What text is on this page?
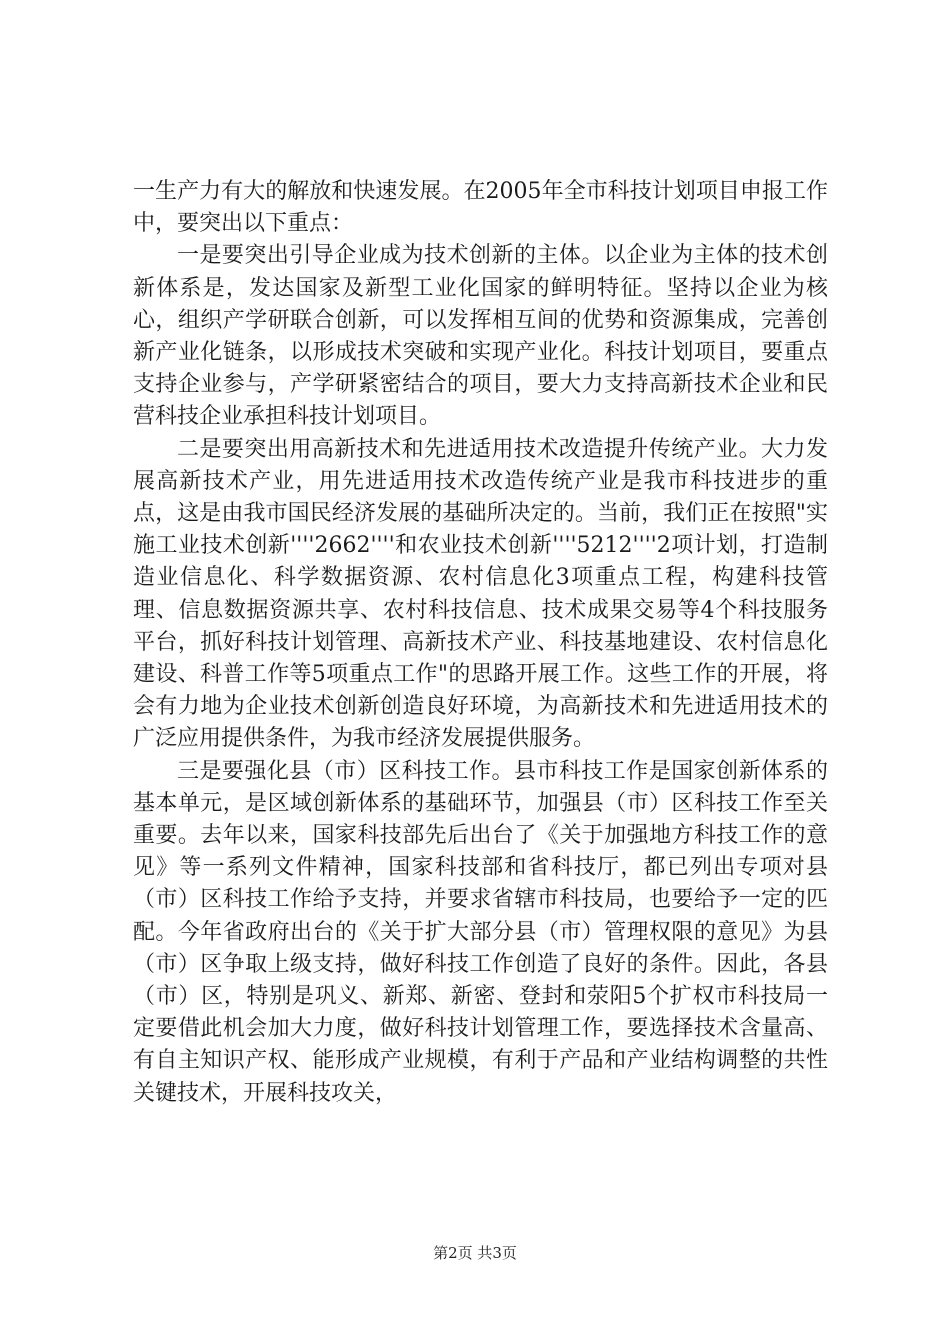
一生产力有大的解放和快速发展。在2005年全市科技计划项目申报工作中，要突出以下重点：

一是要突出引导企业成为技术创新的主体。以企业为主体的技术创新体系是，发达国家及新型工业化国家的鲜明特征。坚持以企业为核心，组织产学研联合创新，可以发挥相互间的优势和资源集成，完善创新产业化链条，以形成技术突破和实现产业化。科技计划项目，要重点支持企业参与，产学研紧密结合的项目，要大力支持高新技术企业和民营科技企业承担科技计划项目。

二是要突出用高新技术和先进适用技术改造提升传统产业。大力发展高新技术产业，用先进适用技术改造传统产业是我市科技进步的重点，这是由我市国民经济发展的基础所决定的。当前，我们正在按照"实施工业技术创新''''2662''''和农业技术创新''''5212''''2项计划，打造制造业信息化、科学数据资源、农村信息化3项重点工程，构建科技管理、信息数据资源共享、农村科技信息、技术成果交易等4个科技服务平台，抓好科技计划管理、高新技术产业、科技基地建设、农村信息化建设、科普工作等5项重点工作"的思路开展工作。这些工作的开展，将会有力地为企业技术创新创造良好环境，为高新技术和先进适用技术的广泛应用提供条件，为我市经济发展提供服务。

三是要强化县（市）区科技工作。县市科技工作是国家创新体系的基本单元，是区域创新体系的基础环节，加强县（市）区科技工作至关重要。去年以来，国家科技部先后出台了《关于加强地方科技工作的意见》等一系列文件精神，国家科技部和省科技厅，都已列出专项对县（市）区科技工作给予支持，并要求省辖市科技局，也要给予一定的匹配。今年省政府出台的《关于扩大部分县（市）管理权限的意见》为县（市）区争取上级支持，做好科技工作创造了良好的条件。因此，各县（市）区，特别是巩义、新郑、新密、登封和荥阳5个扩权市科技局一定要借此机会加大力度，做好科技计划管理工作，要选择技术含量高、有自主知识产权、能形成产业规模，有利于产品和产业结构调整的共性关键技术，开展科技攻关，

第2页 共3页
